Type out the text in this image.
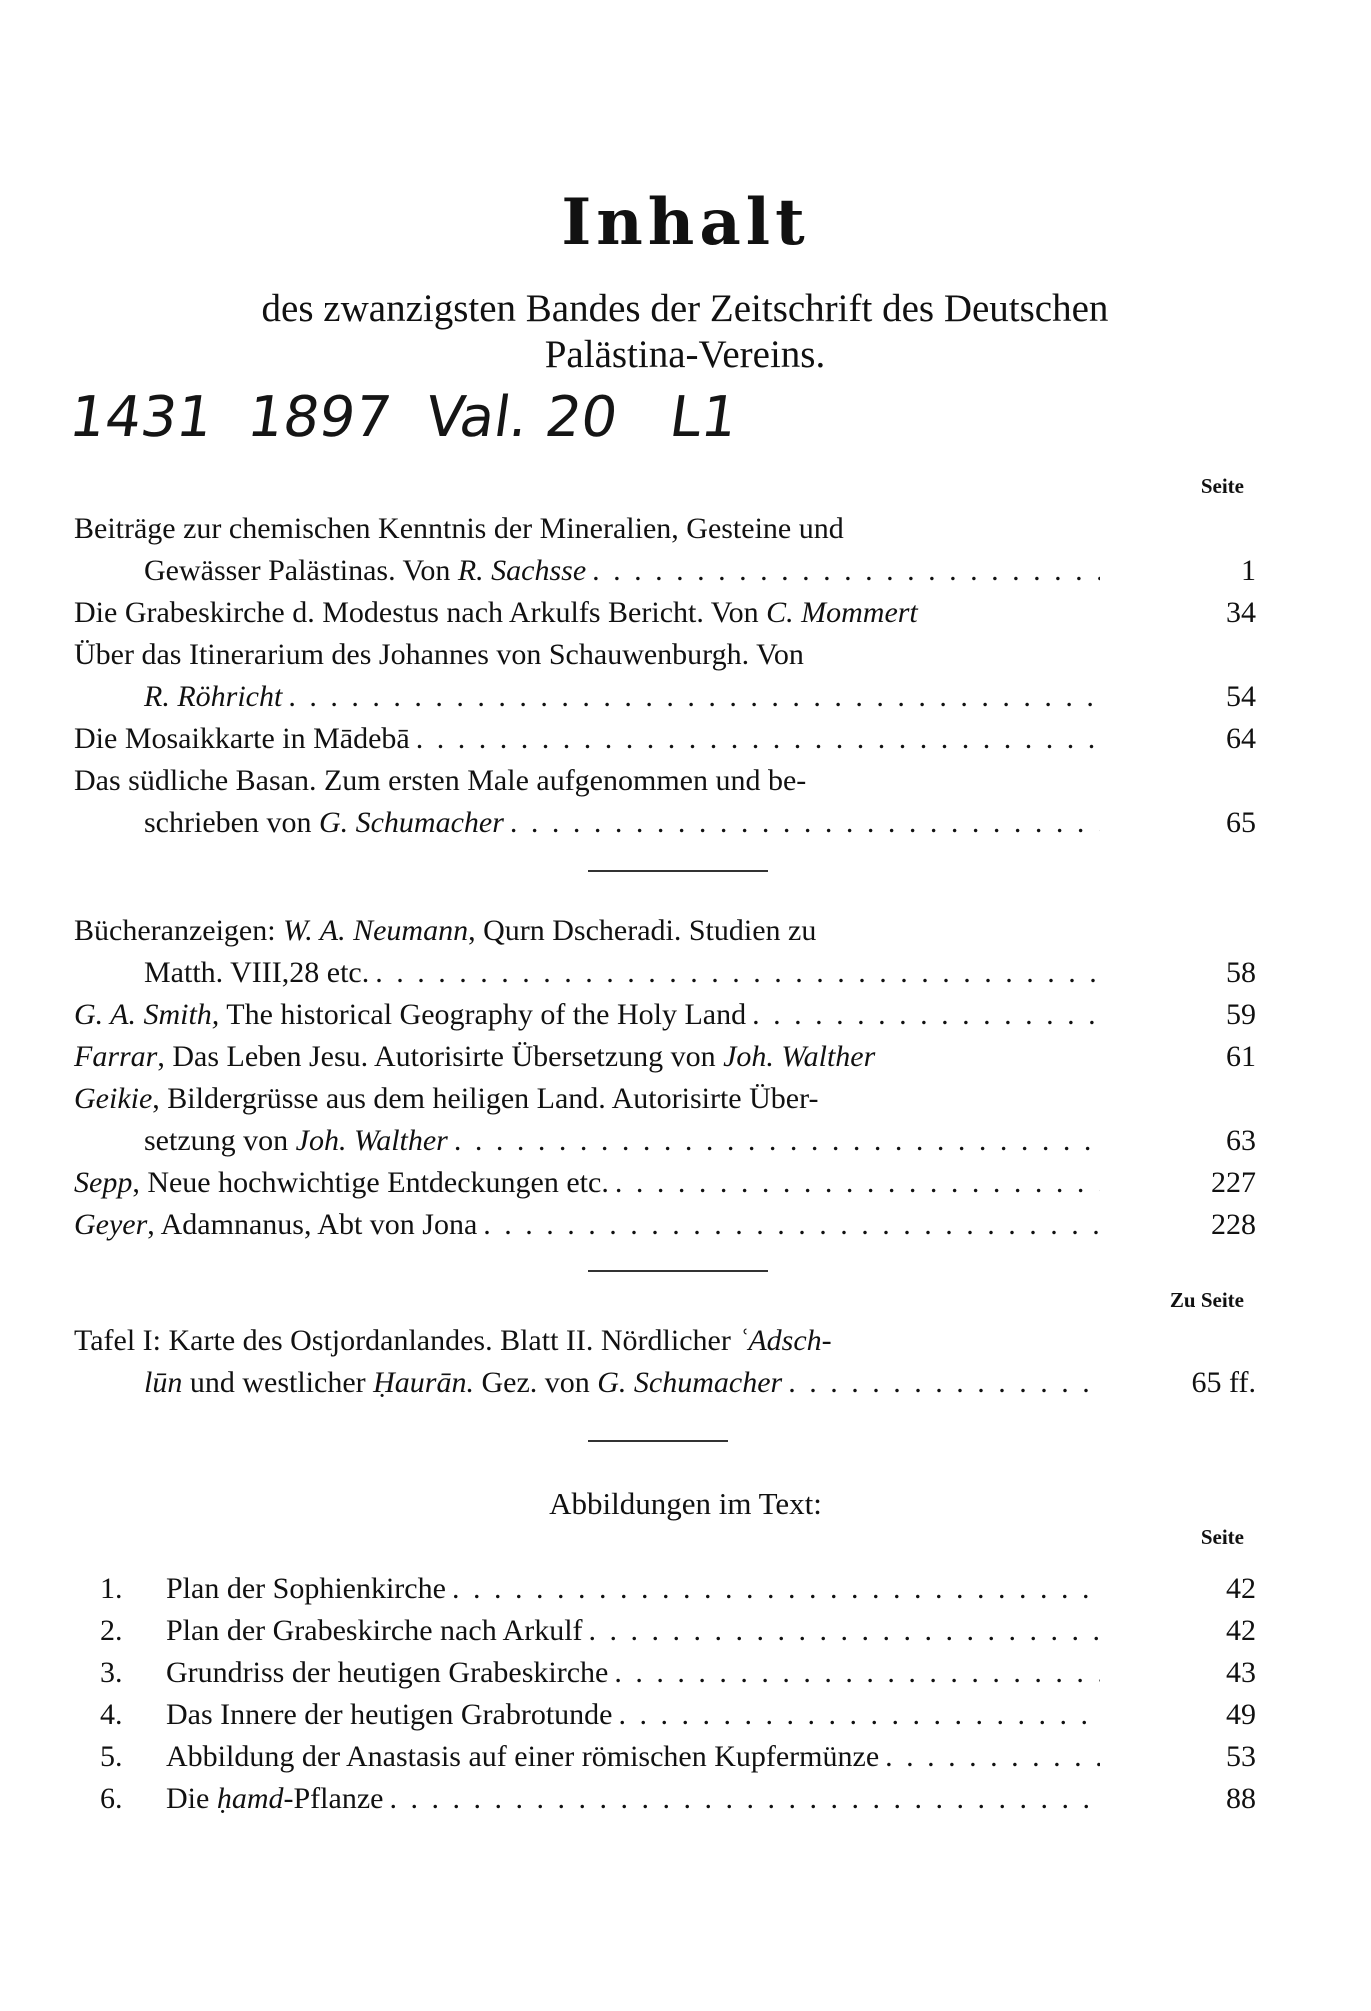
Inhalt
des zwanzigsten Bandes der Zeitschrift des Deutschen
Palästina-Vereins.
1431  1897  Val. 20   L1
Seite
Beiträge zur chemischen Kenntnis der Mineralien, Gesteine und
Gewässer Palästinas. Von R. Sachsse . . .	1
Die Grabeskirche d. Modestus nach Arkulfs Bericht. Von C. Mommert	34
Über das Itinerarium des Johannes von Schauwenburgh. Von
R. Röhricht . . .	54
Die Mosaikkarte in Mādebā . . .	64
Das südliche Basan. Zum ersten Male aufgenommen und be-
schrieben von G. Schumacher . . .	65
Bücheranzeigen: W. A. Neumann , Qurn Dscheradi. Studien zu
Matth. VIII,28 etc. . . .	58
G. A. Smith, The historical Geography of the Holy Land . . .	59
Farrar , Das Leben Jesu. Autorisirte Übersetzung von Joh. Walther	61
Geikie , Bildergrüsse aus dem heiligen Land. Autorisirte Über-
setzung von Joh. Walther . . .	63
Sepp , Neue hochwichtige Entdeckungen etc. . . .	227
Geyer , Adamnanus, Abt von Jona . . .	228
Zu Seite
Tafel I: Karte des Ostjordanlandes. Blatt II. Nördlicher ʿAdsch-
lūn und westlicher Ḥaurān. Gez. von G. Schumacher . . .	65 ff.
Abbildungen im Text:
Seite
1.	Plan der Sophienkirche . . .	42
2.	Plan der Grabeskirche nach Arkulf . . .	42
3.	Grundriss der heutigen Grabeskirche . . .	43
4.	Das Innere der heutigen Grabrotunde . . .	49
5.	Abbildung der Anastasis auf einer römischen Kupfermünze . . .	53
6.	Die ḥamd -Pflanze . . .	88
